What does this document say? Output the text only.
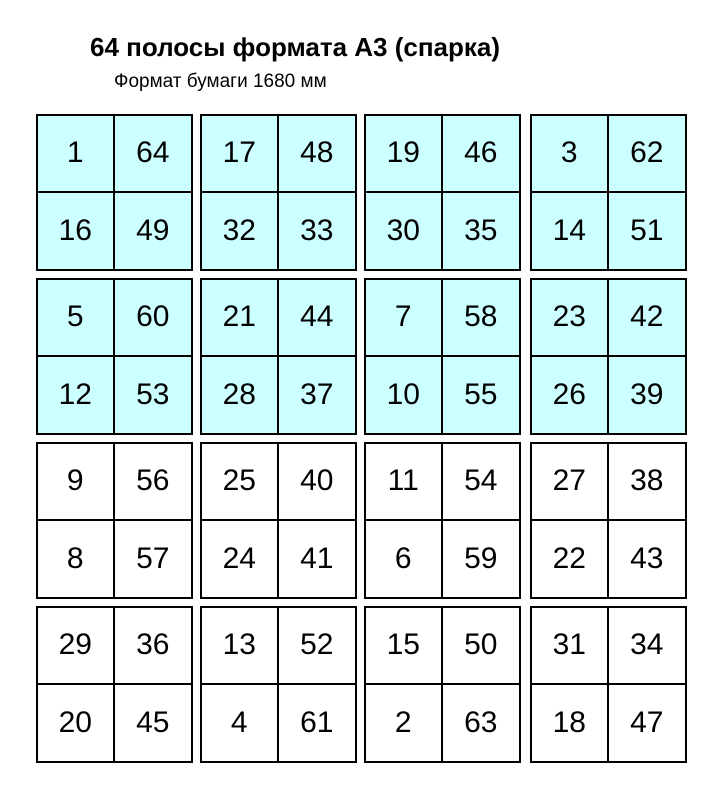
64 полосы формата А3 (спарка)
Формат бумаги 1680 мм
1 64
16 49
17 48
32 33
19 46
30 35
3 62
14 51
5 60
12 53
21 44
28 37
7 58
10 55
23 42
26 39
9 56
8 57
25 40
24 41
11 54
6 59
27 38
22 43
29 36
20 45
13 52
4 61
15 50
2 63
31 34
18 47
